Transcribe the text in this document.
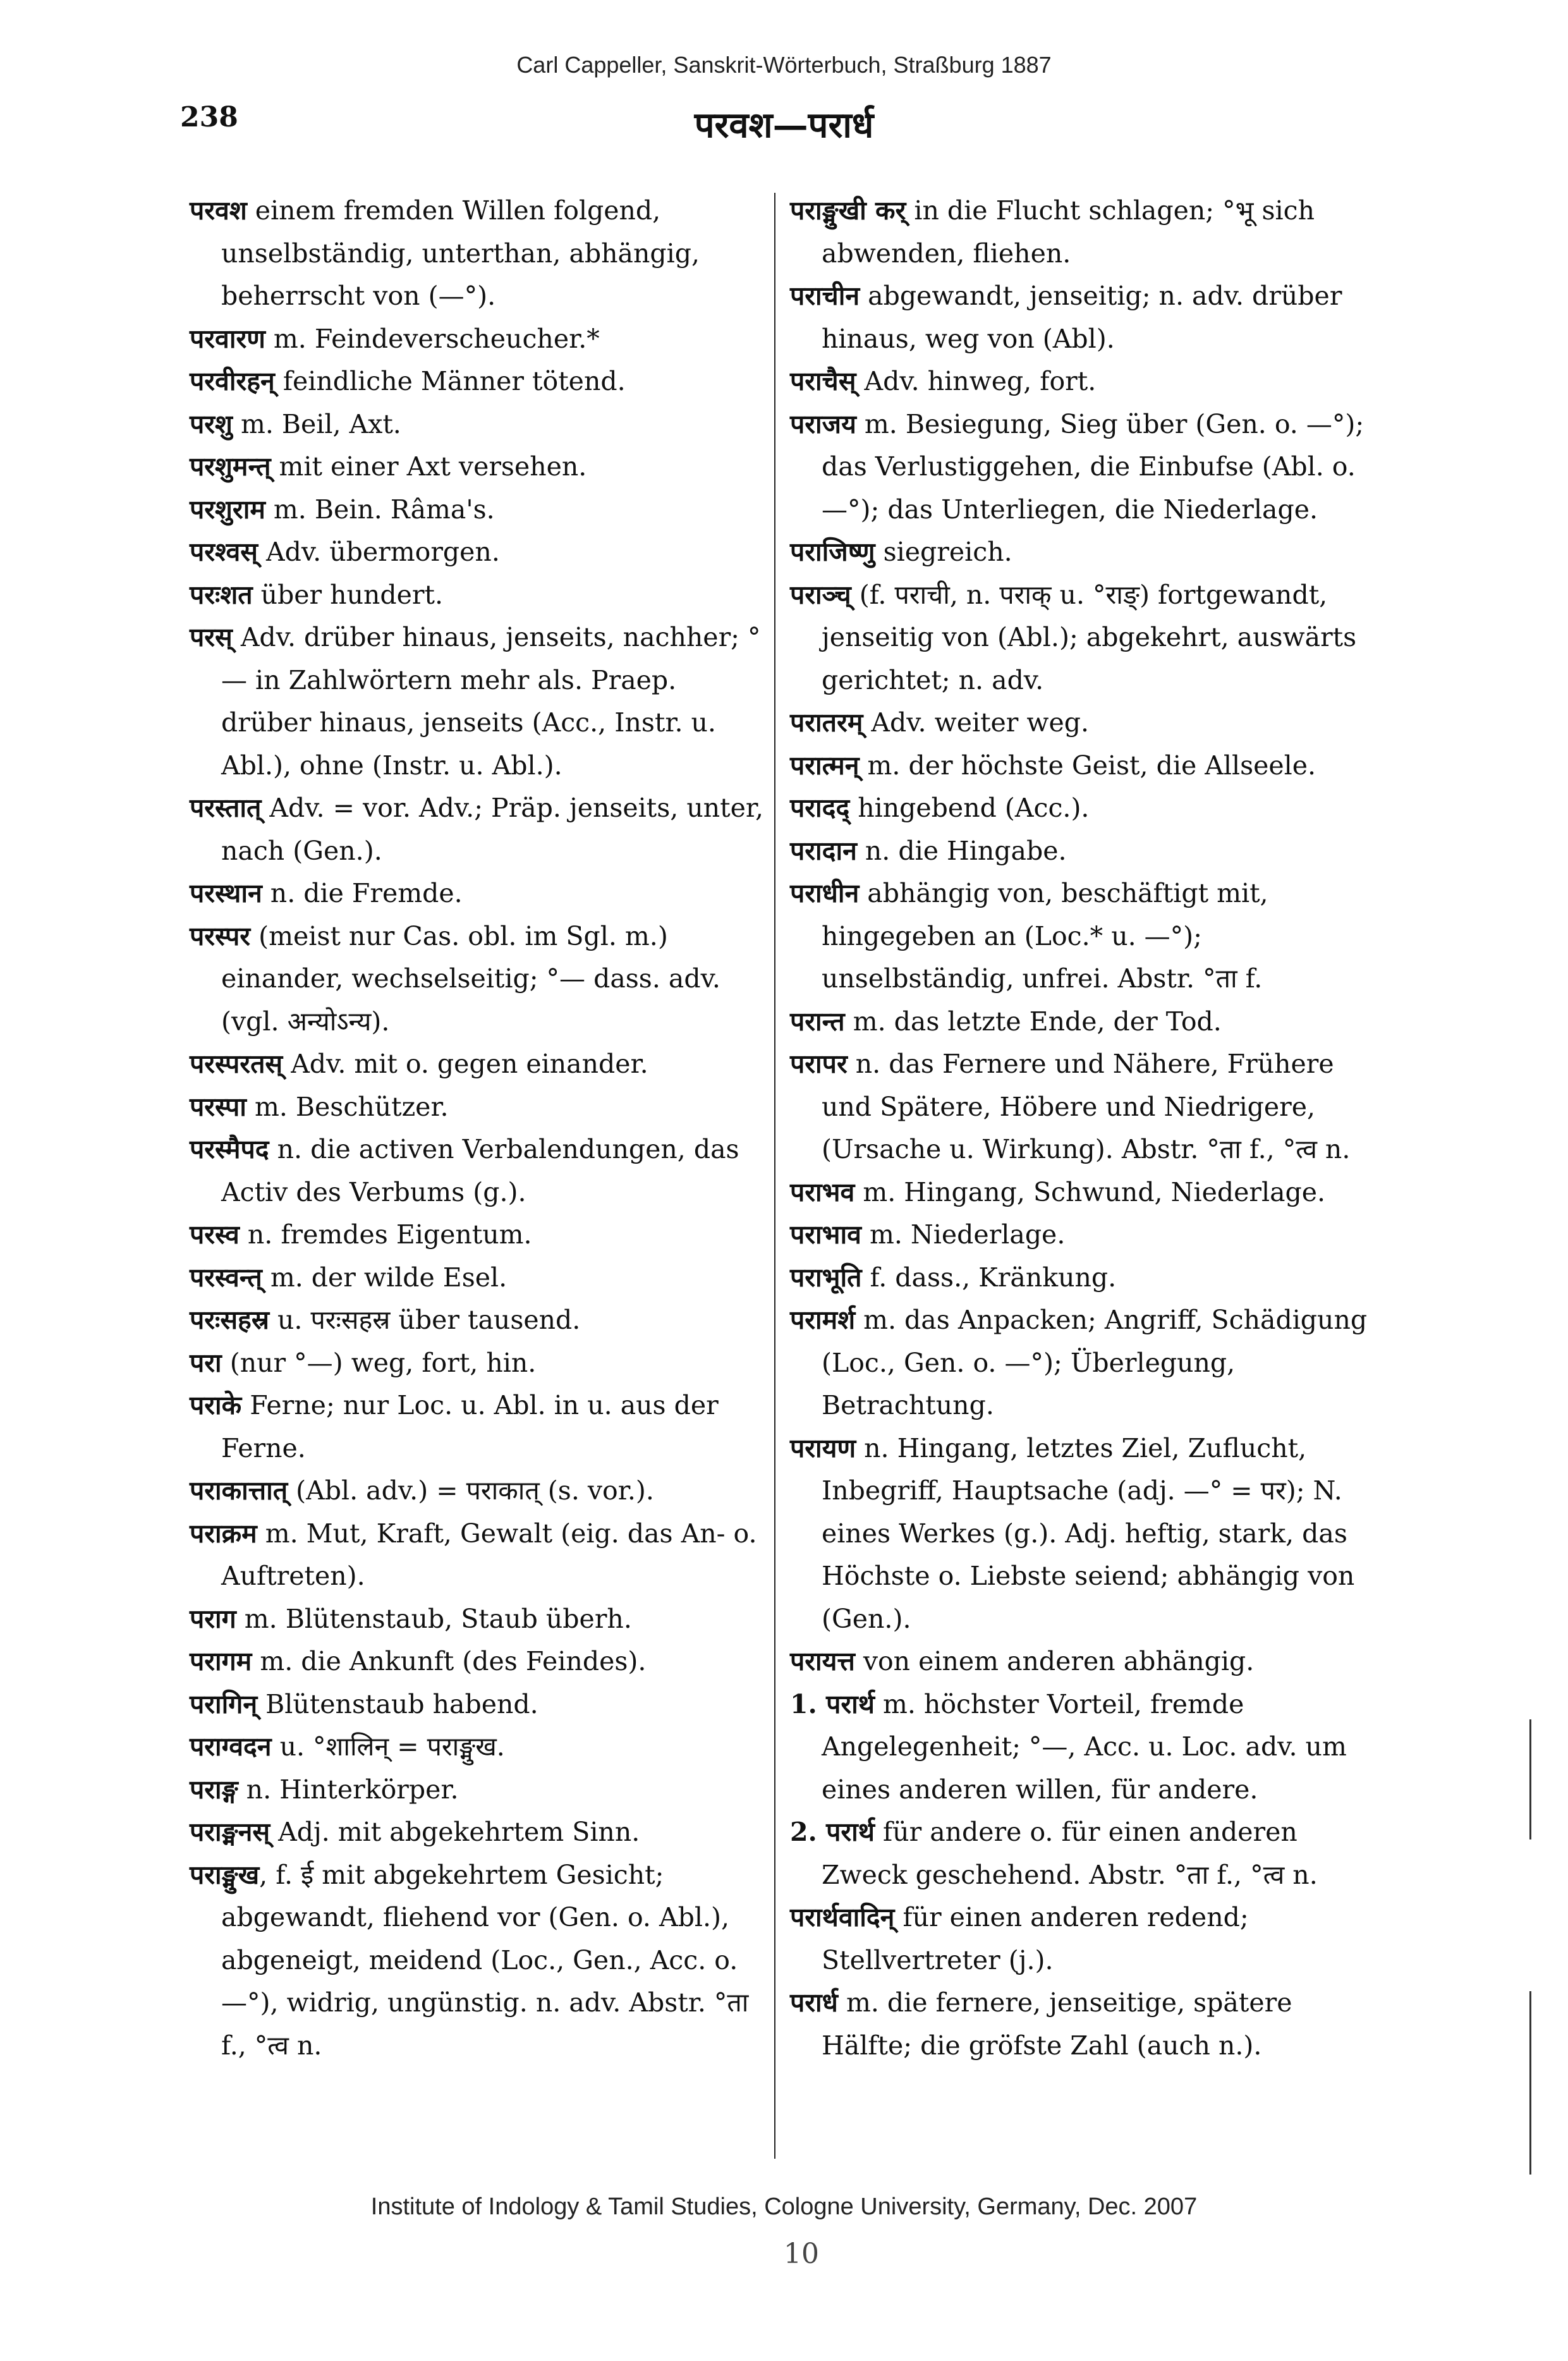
Carl Cappeller, Sanskrit-Wörterbuch, Straßburg 1887
238	परवश—परार्ध

परवश einem fremden Willen folgend, unselbständig, unterthan, abhängig, beherrscht von (—°).

परवारण m. Feindeverscheucher.*

परवीरहन् feindliche Männer tötend.

परशु m. Beil, Axt.

परशुमन्त् mit einer Axt versehen.

परशुराम m. Bein. Râma's.

परश्वस् Adv. übermorgen.

परःशत über hundert.

परस् Adv. drüber hinaus, jenseits, nachher; °— in Zahlwörtern mehr als. Praep. drüber hinaus, jenseits (Acc., Instr. u. Abl.), ohne (Instr. u. Abl.).

परस्तात् Adv. = vor. Adv.; Präp. jenseits, unter, nach (Gen.).

परस्थान n. die Fremde.

परस्पर (meist nur Cas. obl. im Sgl. m.) einander, wechselseitig; °— dass. adv. (vgl. अन्योऽन्य).

परस्परतस् Adv. mit o. gegen einander.

परस्पा m. Beschützer.

परस्मैपद n. die activen Verbalendungen, das Activ des Verbums (g.).

परस्व n. fremdes Eigentum.

परस्वन्त् m. der wilde Esel.

परःसहस्र u. परःसहस्र über tausend.

परा (nur °—) weg, fort, hin.

पराके Ferne; nur Loc. u. Abl. in u. aus der Ferne.

पराकात्तात् (Abl. adv.) = पराकात् (s. vor.).

पराक्रम m. Mut, Kraft, Gewalt (eig. das An- o. Auftreten).

पराग m. Blütenstaub, Staub überh.

परागम m. die Ankunft (des Feindes).

परागिन् Blütenstaub habend.

पराग्वदन u. °शालिन् = पराङ्मुख.

पराङ्ग n. Hinterkörper.

पराङ्मनस् Adj. mit abgekehrtem Sinn.

पराङ्मुख, f. ई mit abgekehrtem Gesicht; abgewandt, fliehend vor (Gen. o. Abl.), abgeneigt, meidend (Loc., Gen., Acc. o. —°), widrig, ungünstig. n. adv. Abstr. °ता f., °त्व n.

पराङ्मुखी कर् in die Flucht schlagen; °भू sich abwenden, fliehen.

पराचीन abgewandt, jenseitig; n. adv. drüber hinaus, weg von (Abl).

पराचैस् Adv. hinweg, fort.

पराजय m. Besiegung, Sieg über (Gen. o. —°); das Verlustiggehen, die Einbufse (Abl. o. —°); das Unterliegen, die Niederlage.

पराजिष्णु siegreich.

पराञ्च् (f. पराची, n. पराक् u. °राङ्) fortgewandt, jenseitig von (Abl.); abgekehrt, auswärts gerichtet; n. adv.

परातरम् Adv. weiter weg.

परात्मन् m. der höchste Geist, die Allseele.

परादद् hingebend (Acc.).

परादान n. die Hingabe.

पराधीन abhängig von, beschäftigt mit, hingegeben an (Loc.* u. —°); unselbständig, unfrei. Abstr. °ता f.

परान्त m. das letzte Ende, der Tod.

परापर n. das Fernere und Nähere, Frühere und Spätere, Höbere und Niedrigere, (Ursache u. Wirkung). Abstr. °ता f., °त्व n.

पराभव m. Hingang, Schwund, Niederlage.

पराभाव m. Niederlage.

पराभूति f. dass., Kränkung.

परामर्श m. das Anpacken; Angriff, Schädigung (Loc., Gen. o. —°); Überlegung, Betrachtung.

परायण n. Hingang, letztes Ziel, Zuflucht, Inbegriff, Hauptsache (adj. —° = पर); N. eines Werkes (g.). Adj. heftig, stark, das Höchste o. Liebste seiend; abhängig von (Gen.).

परायत्त von einem anderen abhängig.

1. परार्थ m. höchster Vorteil, fremde Angelegenheit; °—, Acc. u. Loc. adv. um eines anderen willen, für andere.

2. परार्थ für andere o. für einen anderen Zweck geschehend. Abstr. °ता f., °त्व n.

परार्थवादिन् für einen anderen redend; Stellvertreter (j.).

परार्ध m. die fernere, jenseitige, spätere Hälfte; die gröfste Zahl (auch n.).

Institute of Indology & Tamil Studies, Cologne University, Germany, Dec. 2007
10
